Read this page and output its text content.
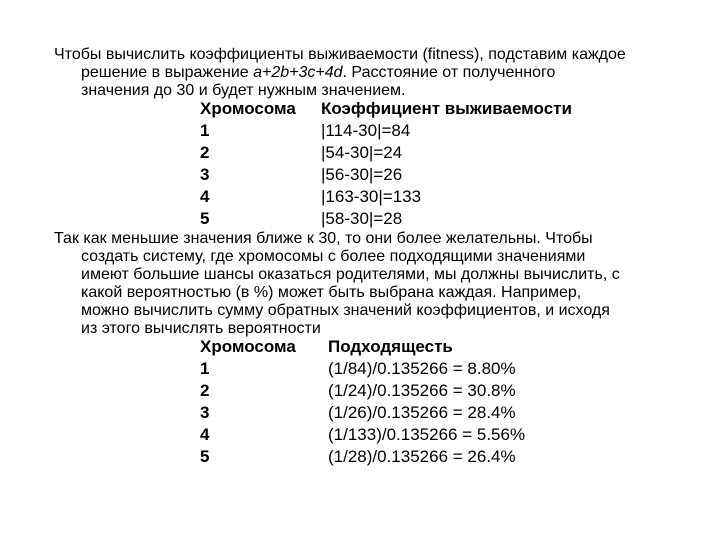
Чтобы вычислить коэффициенты выживаемости (fitness), подставим каждое
решение в выражение a+2b+3c+4d. Расстояние от полученного
значения до 30 и будет нужным значением.

Хромосома Коэффициент выживаемости
1	|114-30|=84
2	|54-30|=24
3	|56-30|=26
4	|163-30|=133
5	|58-30|=28

Так как меньшие значения ближе к 30, то они более желательны. Чтобы
создать систему, где хромосомы с более подходящими значениями
имеют большие шансы оказаться родителями, мы должны вычислить, с
какой вероятностью (в %) может быть выбрана каждая. Например,
можно вычислить сумму обратных значений коэффициентов, и исходя
из этого вычислять вероятности

Хромосома Подходящесть
1	(1/84)/0.135266 = 8.80%
2	(1/24)/0.135266 = 30.8%
3	(1/26)/0.135266 = 28.4%
4	(1/133)/0.135266 = 5.56%
5	(1/28)/0.135266 = 26.4%
